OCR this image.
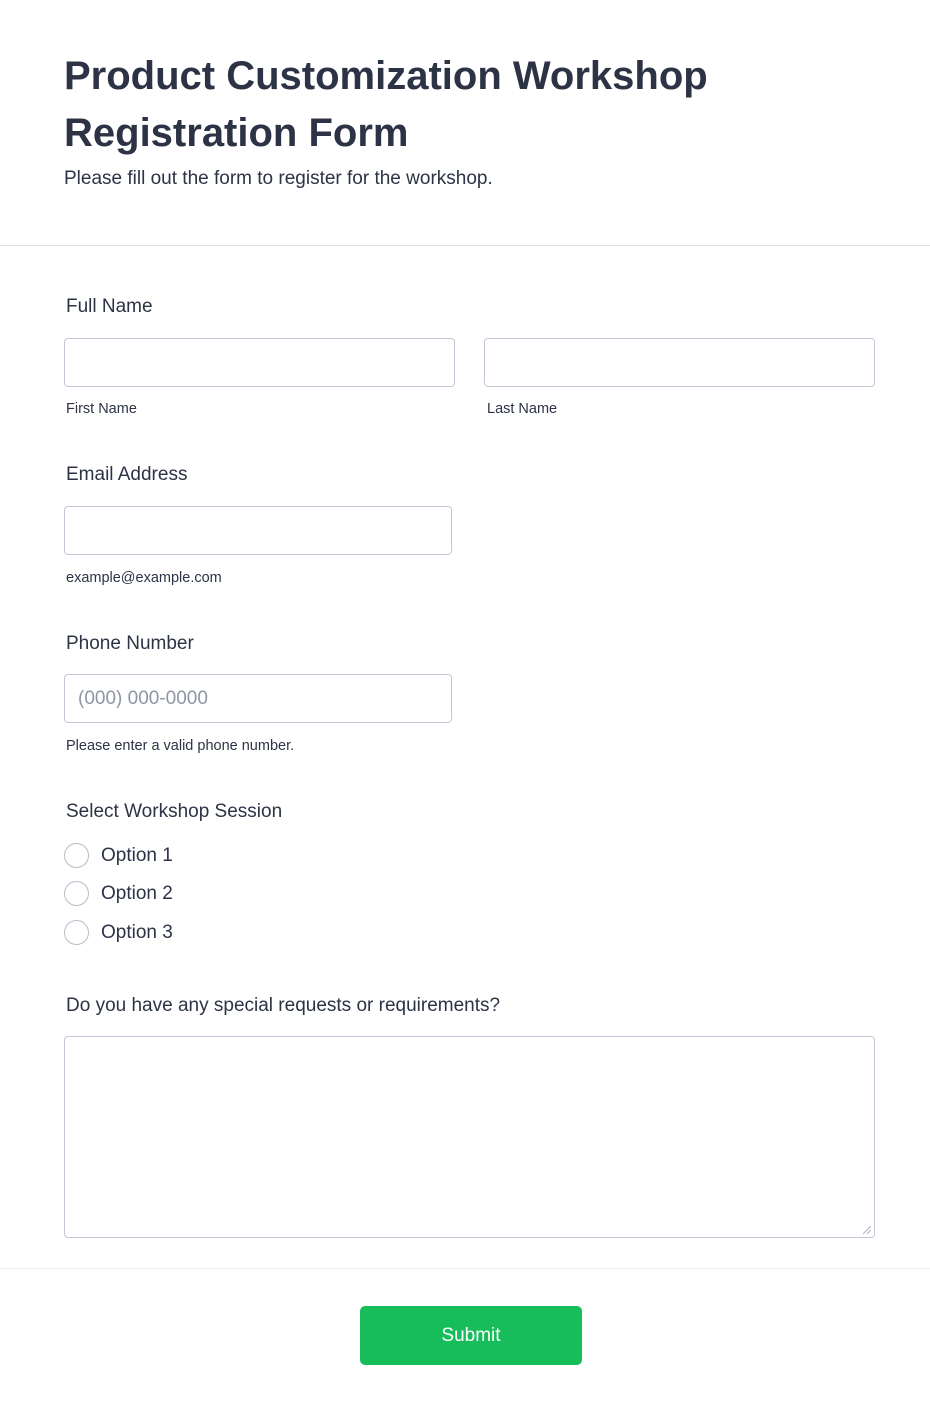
Product Customization Workshop Registration Form
Please fill out the form to register for the workshop.
Full Name
First Name	Last Name
Email Address
example@example.com
Phone Number
(000) 000-0000
Please enter a valid phone number.
Select Workshop Session
Option 1
Option 2
Option 3
Do you have any special requests or requirements?
Submit
